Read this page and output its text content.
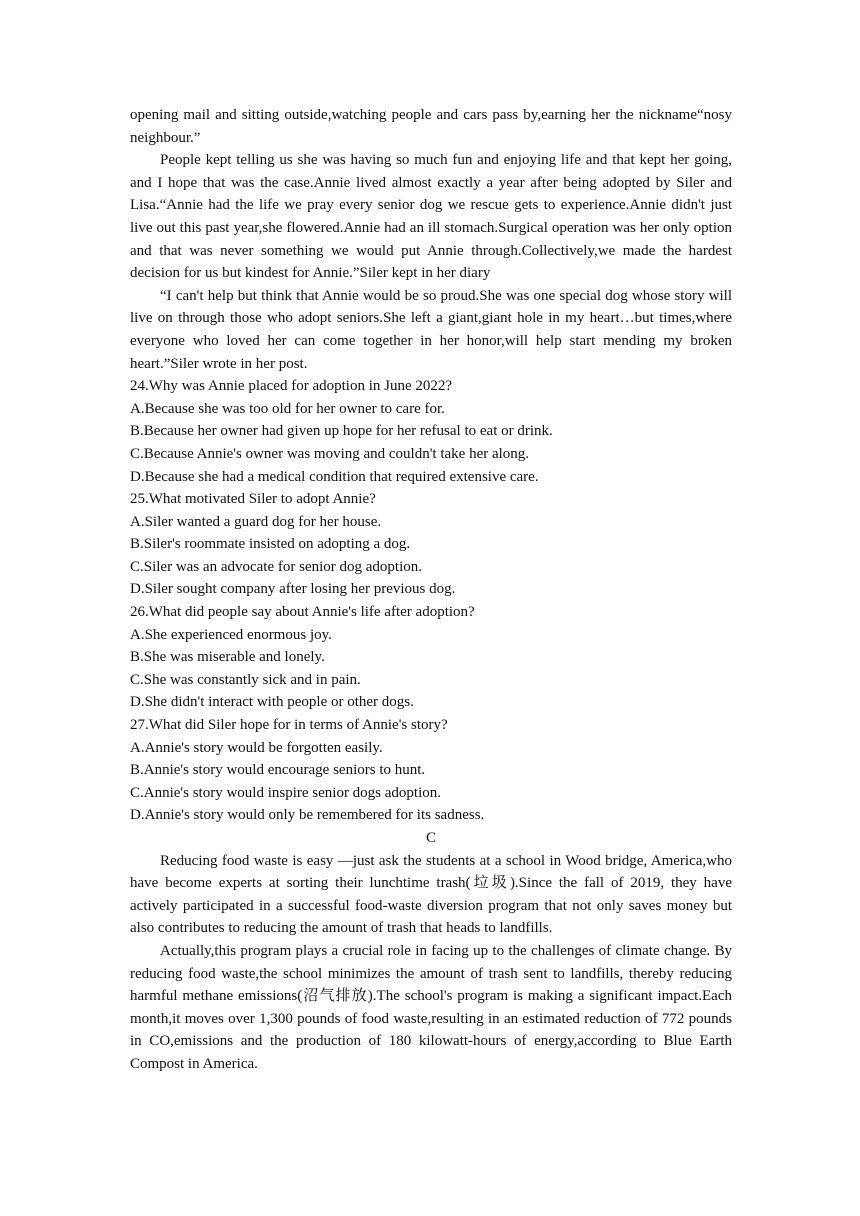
opening mail and sitting outside,watching people and cars pass by,earning her the nickname“nosy neighbour.”

People kept telling us she was having so much fun and enjoying life and that kept her going, and I hope that was the case.Annie lived almost exactly a year after being adopted by Siler and Lisa.“Annie had the life we pray every senior dog we rescue gets to experience.Annie didn't just live out this past year,she flowered.Annie had an ill stomach.Surgical operation was her only option and that was never something we would put Annie through.Collectively,we made the hardest decision for us but kindest for Annie.”Siler kept in her diary

“I can't help but think that Annie would be so proud.She was one special dog whose story will live on through those who adopt seniors.She left a giant,giant hole in my heart…but times,where everyone who loved her can come together in her honor,will help start mending my broken heart.”Siler wrote in her post.

24.Why was Annie placed for adoption in June 2022?

A.Because she was too old for her owner to care for.

B.Because her owner had given up hope for her refusal to eat or drink.

C.Because Annie's owner was moving and couldn't take her along.

D.Because she had a medical condition that required extensive care.

25.What motivated Siler to adopt Annie?

A.Siler wanted a guard dog for her house.

B.Siler's roommate insisted on adopting a dog.

C.Siler was an advocate for senior dog adoption.

D.Siler sought company after losing her previous dog.

26.What did people say about Annie's life after adoption?

A.She experienced enormous joy.

B.She was miserable and lonely.

C.She was constantly sick and in pain.

D.She didn't interact with people or other dogs.

27.What did Siler hope for in terms of Annie's story?

A.Annie's story would be forgotten easily.

B.Annie's story would encourage seniors to hunt.

C.Annie's story would inspire senior dogs adoption.

D.Annie's story would only be remembered for its sadness.

C

Reducing food waste is easy —just ask the students at a school in Wood bridge, America,who have become experts at sorting their lunchtime trash(垃圾).Since the fall of 2019, they have actively participated in a successful food-waste diversion program that not only saves money but also contributes to reducing the amount of trash that heads to landfills.

Actually,this program plays a crucial role in facing up to the challenges of climate change. By reducing food waste,the school minimizes the amount of trash sent to landfills, thereby reducing harmful methane emissions(沼气排放).The school's program is making a significant impact.Each month,it moves over 1,300 pounds of food waste,resulting in an estimated reduction of 772 pounds in CO,emissions and the production of 180 kilowatt-hours of energy,according to Blue Earth Compost in America.
